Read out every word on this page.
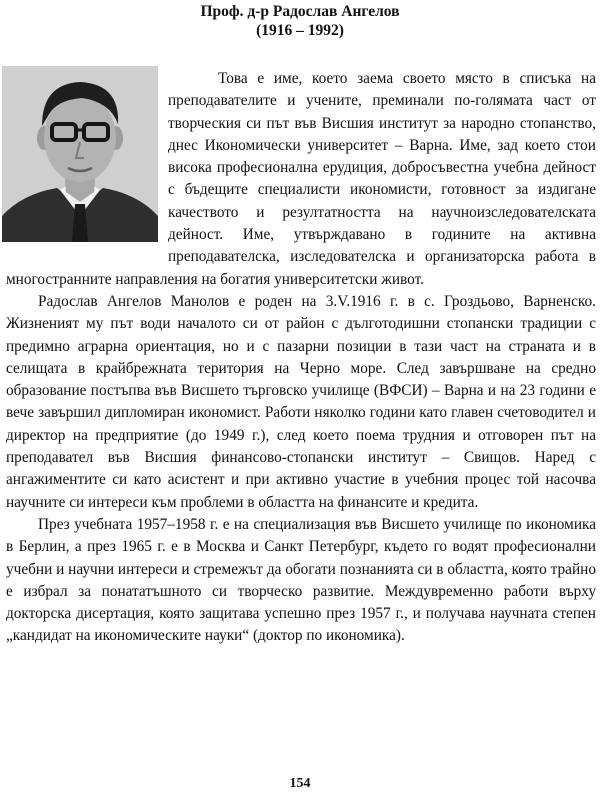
Проф. д-р Радослав Ангелов
(1916 – 1992)

Това е име, което заема своето място в списъка на преподавателите и учените, преминали по-голямата част от творческия си път във Висшия институт за народно стопанство, днес Икономически университет – Варна. Име, зад което стои висока професионална ерудиция, добросъвестна учебна дейност с бъдещите специалисти икономисти, готовност за издигане качеството и резултатността на научноизследователската дейност. Име, утвърждавано в годините на активна преподавателска, изследователска и организаторска работа в многостранните направления на богатия университетски живот.

Радослав Ангелов Манолов е роден на 3.V.1916 г. в с. Гроздьово, Варненско. Жизненият му път води началото си от район с дълготодишни стопански традиции с предимно аграрна ориентация, но и с пазарни позиции в тази част на страната и в селищата в крайбрежната територия на Черно море. След завършване на средно образование постъпва във Висшето търговско училище (ВФСИ) – Варна и на 23 години е вече завършил дипломиран икономист. Работи няколко години като главен счетоводител и директор на предприятие (до 1949 г.), след което поема трудния и отговорен път на преподавател във Висшия финансово-стопански институт – Свищов. Наред с ангажиментите си като асистент и при активно участие в учебния процес той насочва научните си интереси към проблеми в областта на финансите и кредита.

През учебната 1957–1958 г. е на специализация във Висшето училище по икономика в Берлин, а през 1965 г. е в Москва и Санкт Петербург, където го водят професионални учебни и научни интереси и стремежът да обогати познанията си в областта, която трайно е избрал за понататъшното си творческо развитие. Междувременно работи върху докторска дисертация, която защитава успешно през 1957 г., и получава научната степен „кандидат на икономическите науки“ (доктор по икономика).

154
